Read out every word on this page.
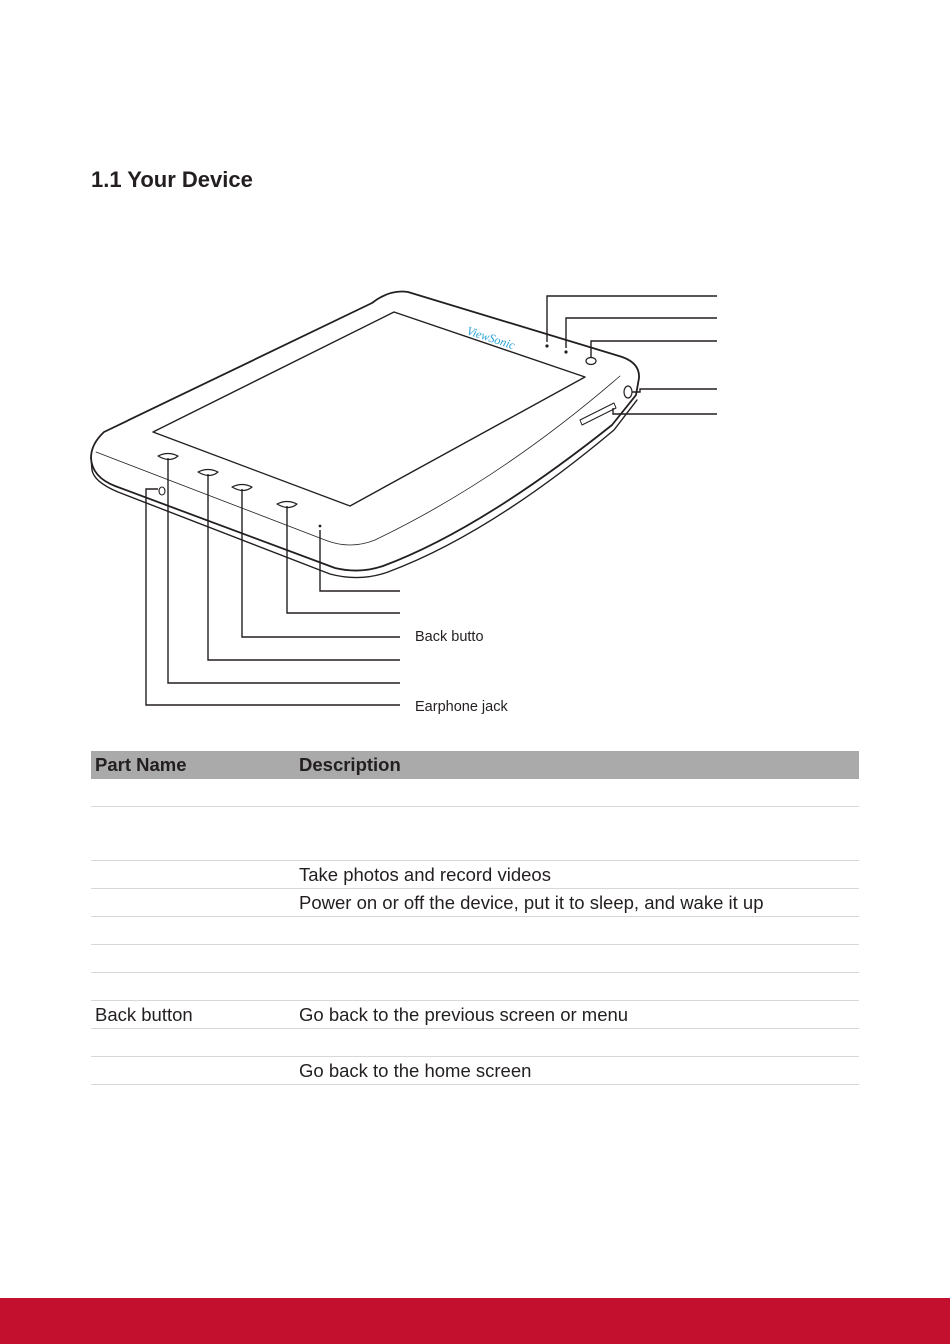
1.1 Your Device
ViewSonic
Back butto
Earphone jack
Part Name	Description

	Take photos and record videos
	Power on or off the device, put it to sleep, and wake it up

Back button	Go back to the previous screen or menu

	Go back to the home screen
